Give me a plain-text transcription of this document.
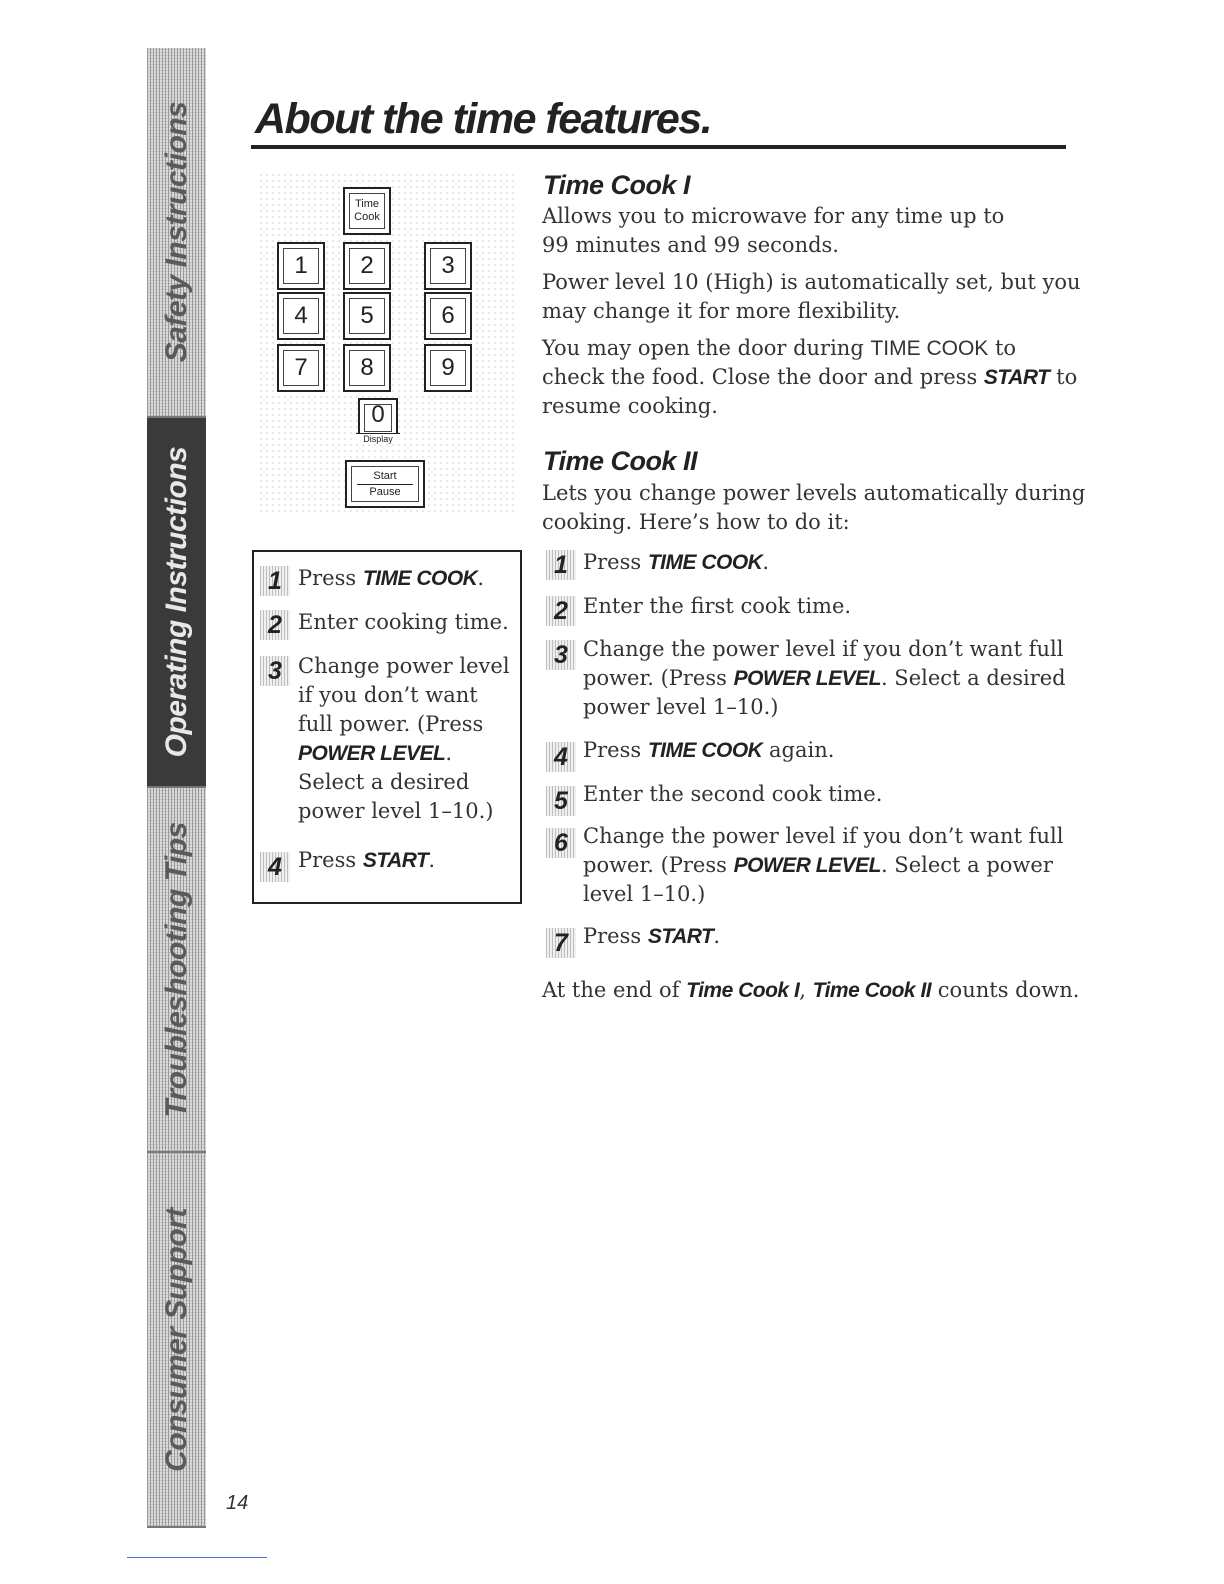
Safety Instructions
Operating Instructions
Troubleshooting Tips
Consumer Support
14
About the time features.
Time
Cook
1	2	3
4	5	6
7	8	9
0
Display
Start
Pause
1 Press TIME COOK.
2 Enter cooking time.
3 Change power level
if you don’t want
full power. (Press
POWER LEVEL.
Select a desired
power level 1–10.)
4 Press START.
Time Cook I
Allows you to microwave for any time up to
99 minutes and 99 seconds.
Power level 10 (High) is automatically set, but you
may change it for more flexibility.
You may open the door during TIME COOK to
check the food. Close the door and press START to
resume cooking.
Time Cook II
Lets you change power levels automatically during
cooking. Here’s how to do it:
1 Press TIME COOK.
2 Enter the first cook time.
3 Change the power level if you don’t want full
power. (Press POWER LEVEL. Select a desired
power level 1–10.)
4 Press TIME COOK again.
5 Enter the second cook time.
6 Change the power level if you don’t want full
power. (Press POWER LEVEL. Select a power
level 1–10.)
7 Press START.
At the end of Time Cook I, Time Cook II counts down.
